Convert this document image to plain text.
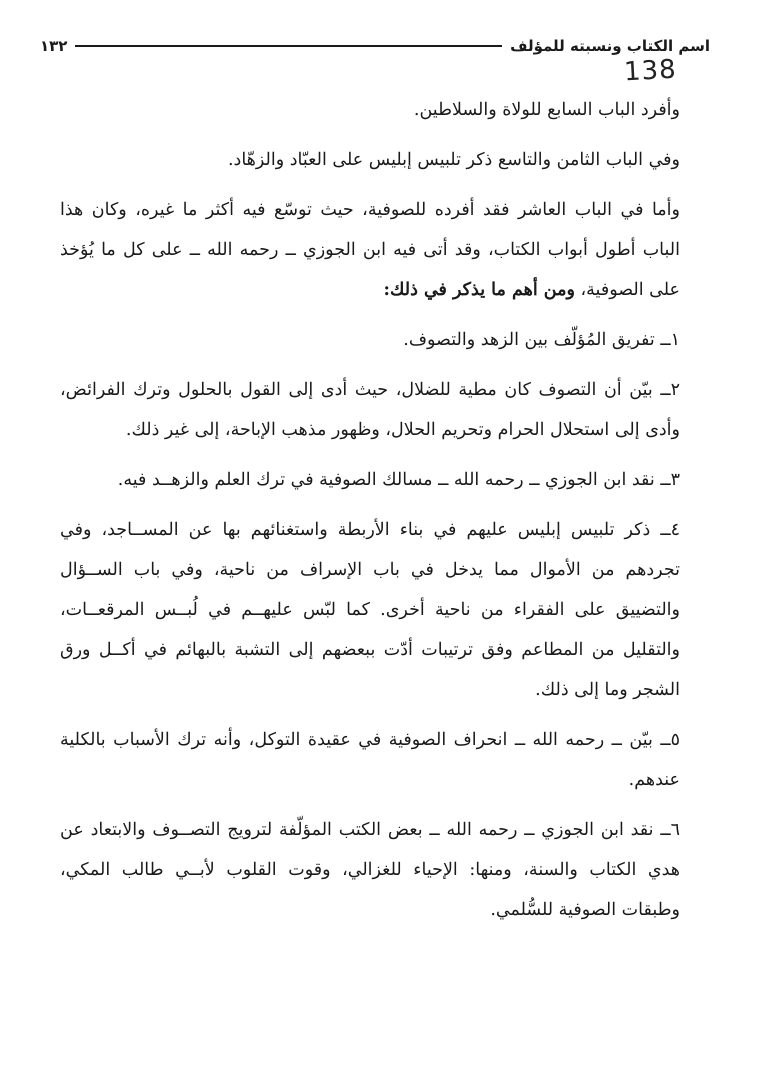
اسم الكتاب ونسبته للمؤلف
١٣٢
138

وأفرد الباب السابع للولاة والسلاطين.

وفي الباب الثامن والتاسع ذكر تلبيس إبليس على العبّاد والزهّاد.

وأما في الباب العاشر فقد أفرده للصوفية، حيث توسّع فيه أكثر ما غيره، وكان هذا الباب أطول أبواب الكتاب، وقد أتى فيه ابن الجوزي ــ رحمه الله ــ على كل ما يُؤخذ على الصوفية، ومن أهم ما يذكر في ذلك:

١ــ تفريق المُؤلّف بين الزهد والتصوف.

٢ــ بيّن أن التصوف كان مطية للضلال، حيث أدى إلى القول بالحلول وترك الفرائض، وأدى إلى استحلال الحرام وتحريم الحلال، وظهور مذهب الإباحة، إلى غير ذلك.

٣ــ نقد ابن الجوزي ــ رحمه الله ــ مسالك الصوفية في ترك العلم والزهــد فيه.

٤ــ ذكر تلبيس إبليس عليهم في بناء الأربطة واستغنائهم بها عن المســاجد، وفي تجردهم من الأموال مما يدخل في باب الإسراف من ناحية، وفي باب الســؤال والتضييق على الفقراء من ناحية أخرى. كما لبّس عليهــم في لُبــس المرقعــات، والتقليل من المطاعم وفق ترتيبات أدّت ببعضهم إلى التشبة بالبهائم في أكــل ورق الشجر وما إلى ذلك.

٥ــ بيّن ــ رحمه الله ــ انحراف الصوفية في عقيدة التوكل، وأنه ترك الأسباب بالكلية عندهم.

٦ــ نقد ابن الجوزي ــ رحمه الله ــ بعض الكتب المؤلّفة لترويج التصــوف والابتعاد عن هدي الكتاب والسنة، ومنها: الإحياء للغزالي، وقوت القلوب لأبــي طالب المكي، وطبقات الصوفية للسُّلمي.
